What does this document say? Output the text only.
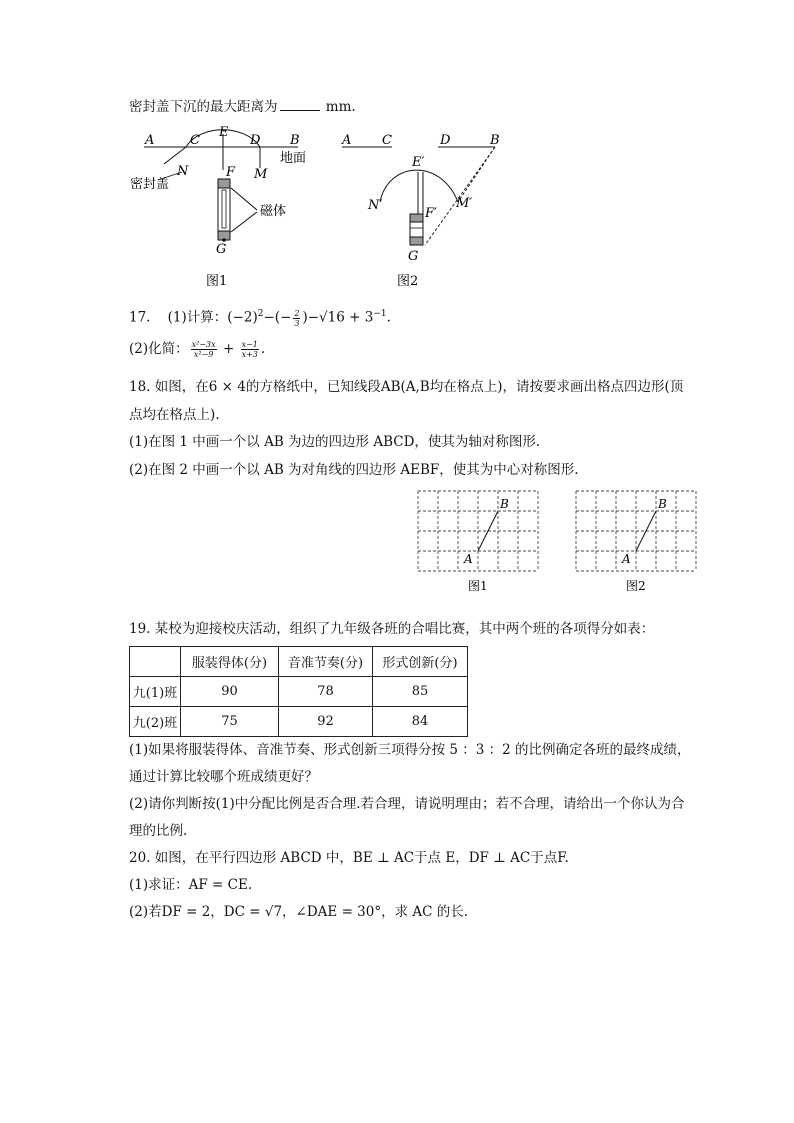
密封盖下沉的最大距离为	mm.
A	C
E
D B
N	M
F
G
地面
密封盖
磁体
图1
A C	D	B
E′
N′	M′
F′
G
图2
17. (1)计算：$(-2)^2-(- \frac{2}{3} )-√16 + 3^{-1}$.
(2)化简： $\frac{\text{x²−3x}}{\text{x²−9}} + \frac{x-1}{x+3}$ .
18. 如图，在6 × 4的方格纸中，已知线段AB(A,B均在格点上)，请按要求画出格点四边形(顶
点均在格点上).
(1)在图 1 中画一个以 AB 为边的四边形 ABCD，使其为轴对称图形.
(2)在图 2 中画一个以 AB 为对角线的四边形 AEBF，使其为中心对称图形.
A
B
图1
A
B
图2
19. 某校为迎接校庆活动，组织了九年级各班的合唱比赛，其中两个班的各项得分如表：
	服装得体(分)	音准节奏(分)	形式创新(分)
九(1)班	90	78	85
九(2)班	75	92	84
(1)如果将服装得体、音准节奏、形式创新三项得分按 5 ：3 ：2 的比例确定各班的最终成绩，
通过计算比较哪个班成绩更好？
(2)请你判断按(1)中分配比例是否合理.若合理，请说明理由；若不合理，请给出一个你认为合
理的比例.
20. 如图，在平行四边形 ABCD 中，BE ⊥ AC于点 E，DF ⊥ AC于点F.
(1)求证：AF = CE.
(2)若DF = 2，DC = √7，∠DAE = 30°，求 AC 的长.
